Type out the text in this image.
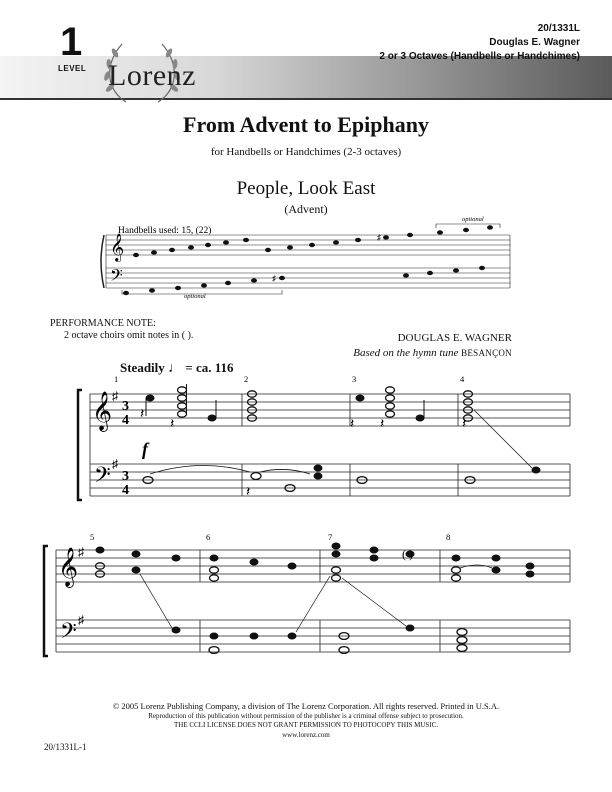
1
LEVEL Lorenz
20/1331L
Douglas E. Wagner
2 or 3 Octaves (Handbells or Handchimes)
From Advent to Epiphany
for Handbells or Handchimes (2-3 octaves)
People, Look East
(Advent)
Handbells used: 15, (22)
optional
optional
𝄞
𝄢
♯
♯
PERFORMANCE NOTE:
2 octave choirs omit notes in ( ).	DOUGLAS E. WAGNER
Based on the hymn tune BESANÇON
Steadily ♩ = ca. 116
𝄞
𝄢
♯
♯
3
4
3
4
f
1	2	3	4
𝄽
𝄽	𝄽 𝄽	𝄽
𝄽
𝄞
𝄢
♯
♯
5	6	7	8
( )
© 2005 Lorenz Publishing Company, a division of The Lorenz Corporation. All rights reserved. Printed in U.S.A.
Reproduction of this publication without permission of the publisher is a criminal offense subject to prosecution.
THE CCLI LICENSE DOES NOT GRANT PERMISSION TO PHOTOCOPY THIS MUSIC.
www.lorenz.com
20/1331L-1
